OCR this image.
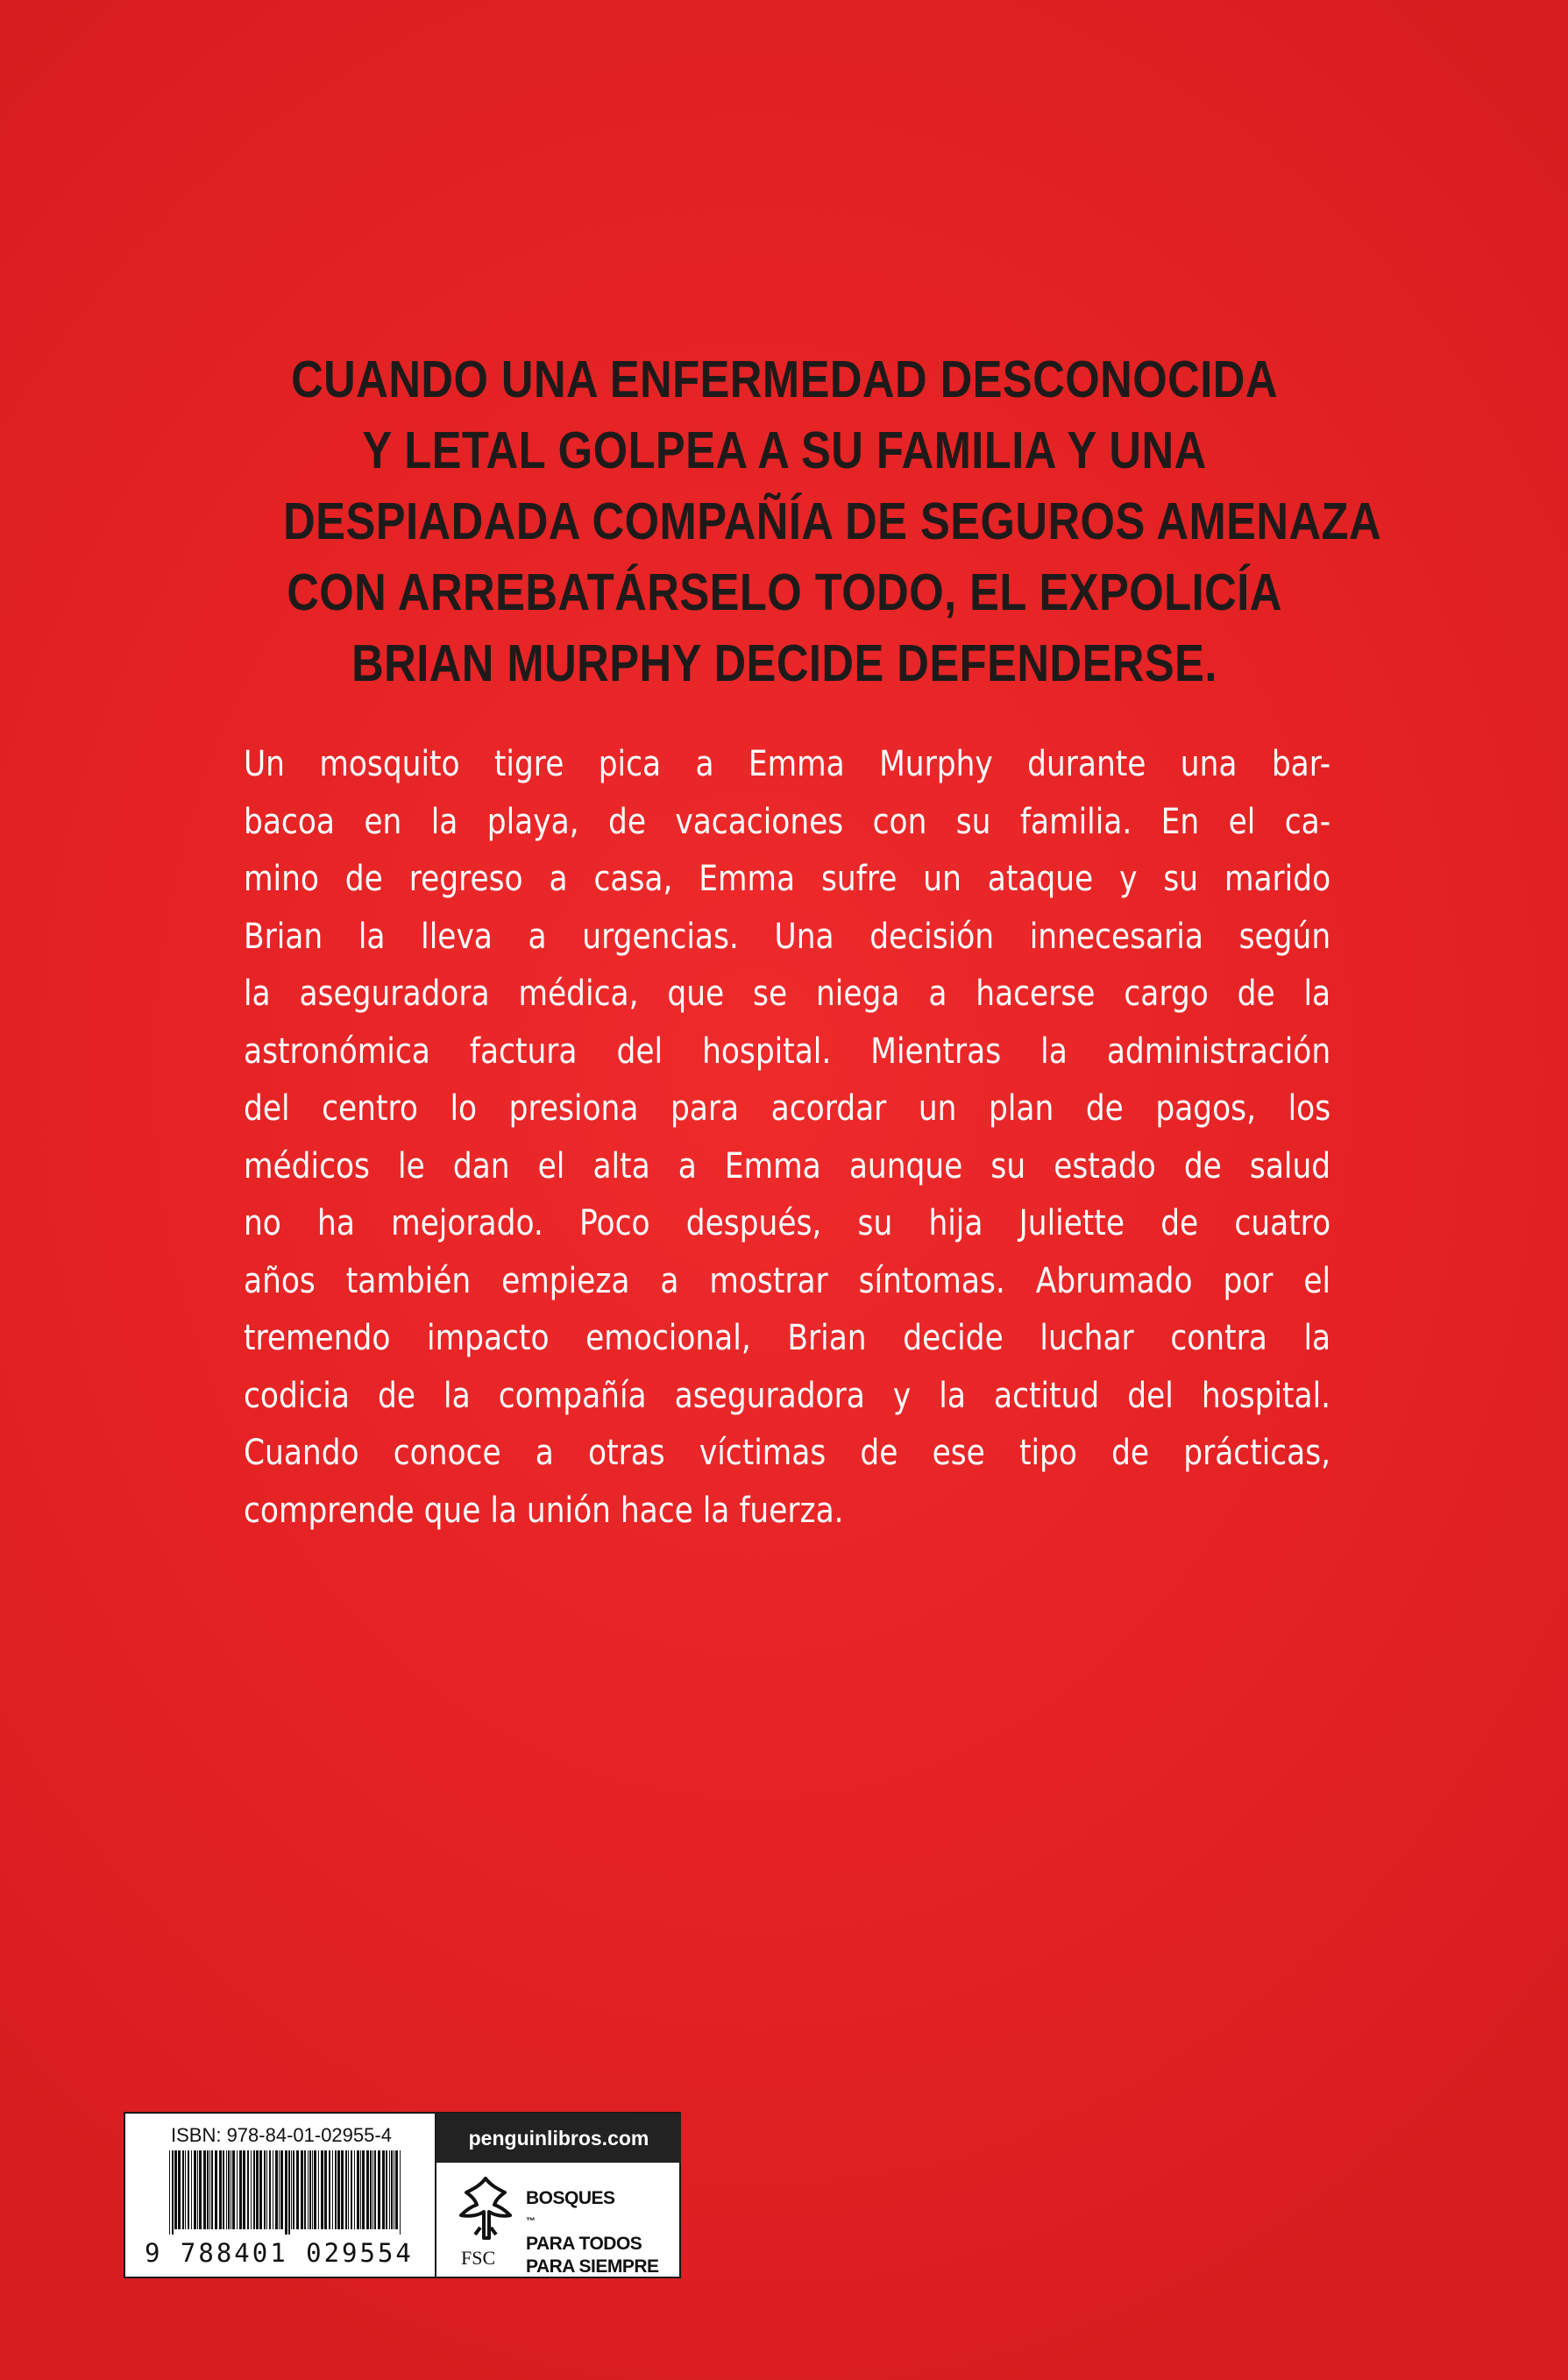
CUANDO UNA ENFERMEDAD DESCONOCIDA
Y LETAL GOLPEA A SU FAMILIA Y UNA
DESPIADADA COMPAÑÍA DE SEGUROS AMENAZA
CON ARREBATÁRSELO TODO, EL EXPOLICÍA
BRIAN MURPHY DECIDE DEFENDERSE.
Un mosquito tigre pica a Emma Murphy durante una bar-
bacoa en la playa, de vacaciones con su familia. En el ca-
mino de regreso a casa, Emma sufre un ataque y su marido
Brian la lleva a urgencias. Una decisión innecesaria según
la aseguradora médica, que se niega a hacerse cargo de la
astronómica factura del hospital. Mientras la administración
del centro lo presiona para acordar un plan de pagos, los
médicos le dan el alta a Emma aunque su estado de salud
no ha mejorado. Poco después, su hija Juliette de cuatro
años también empieza a mostrar síntomas. Abrumado por el
tremendo impacto emocional, Brian decide luchar contra la
codicia de la compañía aseguradora y la actitud del hospital.
Cuando conoce a otras víctimas de ese tipo de prácticas,
comprende que la unión hace la fuerza.
ISBN: 978-84-01-02955-4
9 788401 029554
penguinlibros.com
FSC
BOSQUES
™
PARA TODOS
PARA SIEMPRE
